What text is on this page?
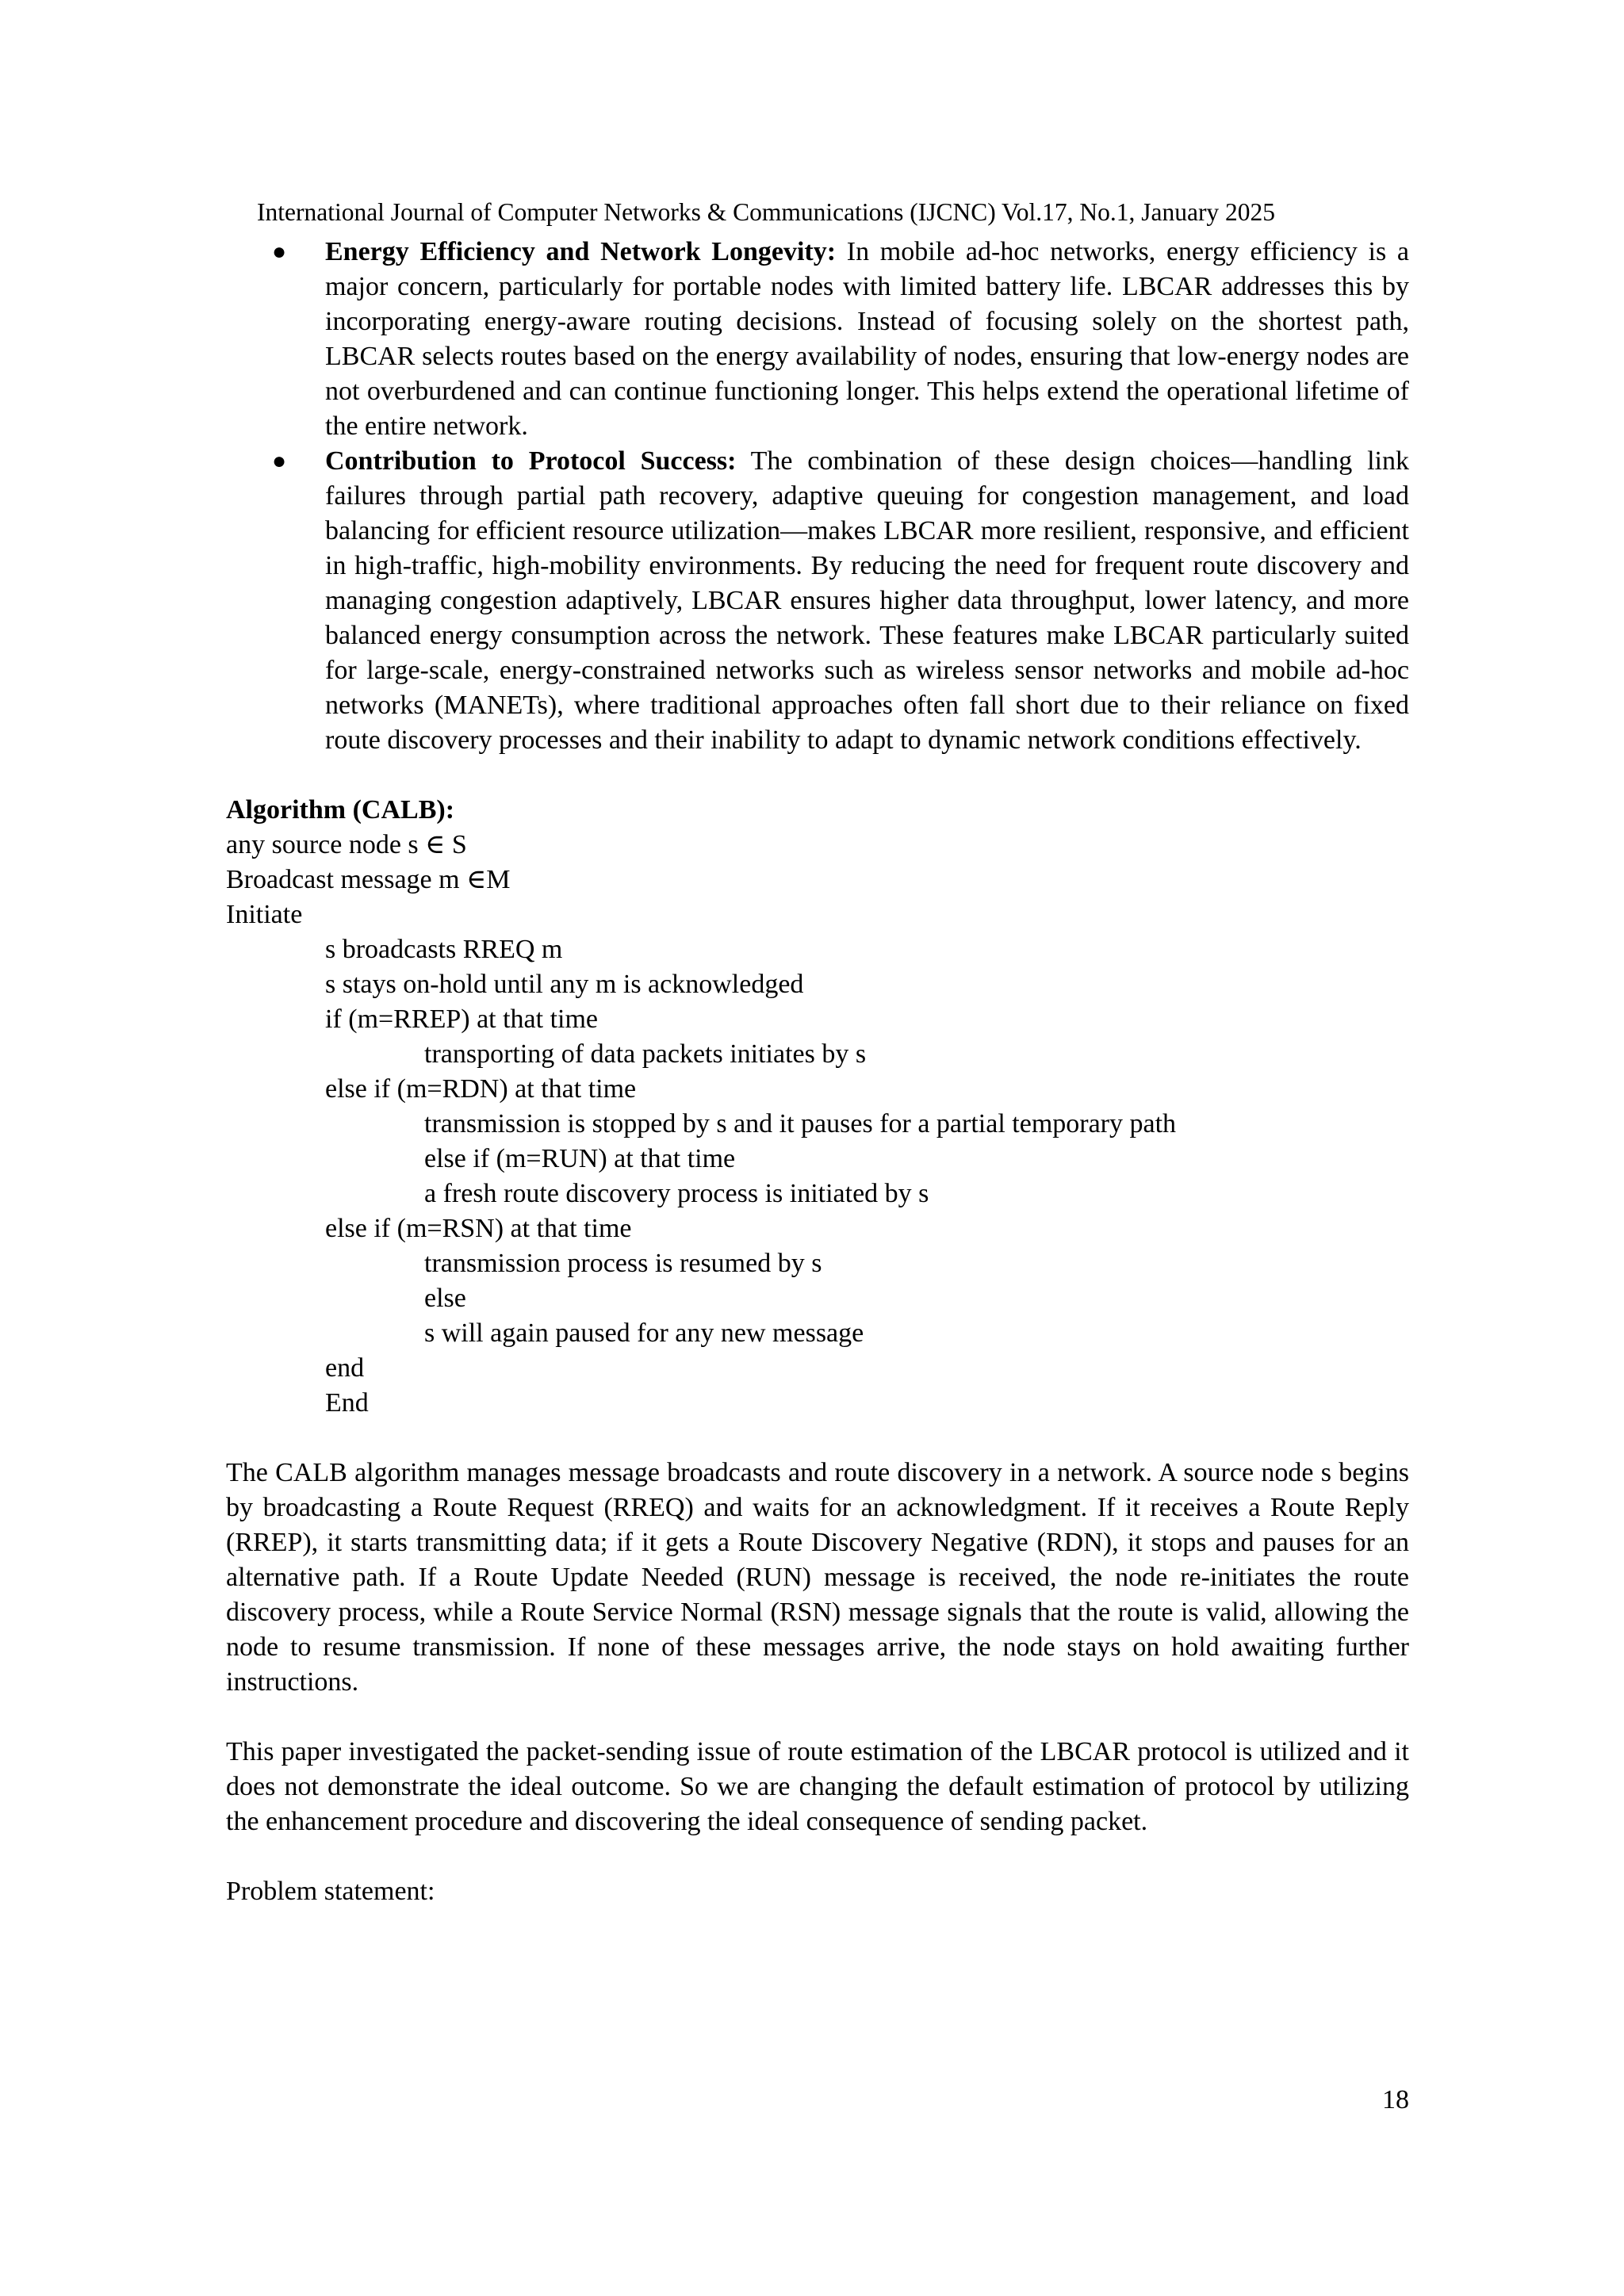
International Journal of Computer Networks & Communications (IJCNC) Vol.17, No.1, January 2025
● Energy Efficiency and Network Longevity: In mobile ad-hoc networks, energy efficiency is a major concern, particularly for portable nodes with limited battery life. LBCAR addresses this by incorporating energy-aware routing decisions. Instead of focusing solely on the shortest path, LBCAR selects routes based on the energy availability of nodes, ensuring that low-energy nodes are not overburdened and can continue functioning longer. This helps extend the operational lifetime of the entire network.
● Contribution to Protocol Success: The combination of these design choices—handling link failures through partial path recovery, adaptive queuing for congestion management, and load balancing for efficient resource utilization—makes LBCAR more resilient, responsive, and efficient in high-traffic, high-mobility environments. By reducing the need for frequent route discovery and managing congestion adaptively, LBCAR ensures higher data throughput, lower latency, and more balanced energy consumption across the network. These features make LBCAR particularly suited for large-scale, energy-constrained networks such as wireless sensor networks and mobile ad-hoc networks (MANETs), where traditional approaches often fall short due to their reliance on fixed route discovery processes and their inability to adapt to dynamic network conditions effectively.
Algorithm (CALB):
any source node s ∈ S
Broadcast message m ∈M
Initiate
s broadcasts RREQ m
s stays on-hold until any m is acknowledged
if (m=RREP) at that time
transporting of data packets initiates by s
else if (m=RDN) at that time
transmission is stopped by s and it pauses for a partial temporary path
else if (m=RUN) at that time
a fresh route discovery process is initiated by s
else if (m=RSN) at that time
transmission process is resumed by s
else
s will again paused for any new message
end
End

The CALB algorithm manages message broadcasts and route discovery in a network. A source node s begins by broadcasting a Route Request (RREQ) and waits for an acknowledgment. If it receives a Route Reply (RREP), it starts transmitting data; if it gets a Route Discovery Negative (RDN), it stops and pauses for an alternative path. If a Route Update Needed (RUN) message is received, the node re-initiates the route discovery process, while a Route Service Normal (RSN) message signals that the route is valid, allowing the node to resume transmission. If none of these messages arrive, the node stays on hold awaiting further instructions.

This paper investigated the packet-sending issue of route estimation of the LBCAR protocol is utilized and it does not demonstrate the ideal outcome. So we are changing the default estimation of protocol by utilizing the enhancement procedure and discovering the ideal consequence of sending packet.

Problem statement:

18
